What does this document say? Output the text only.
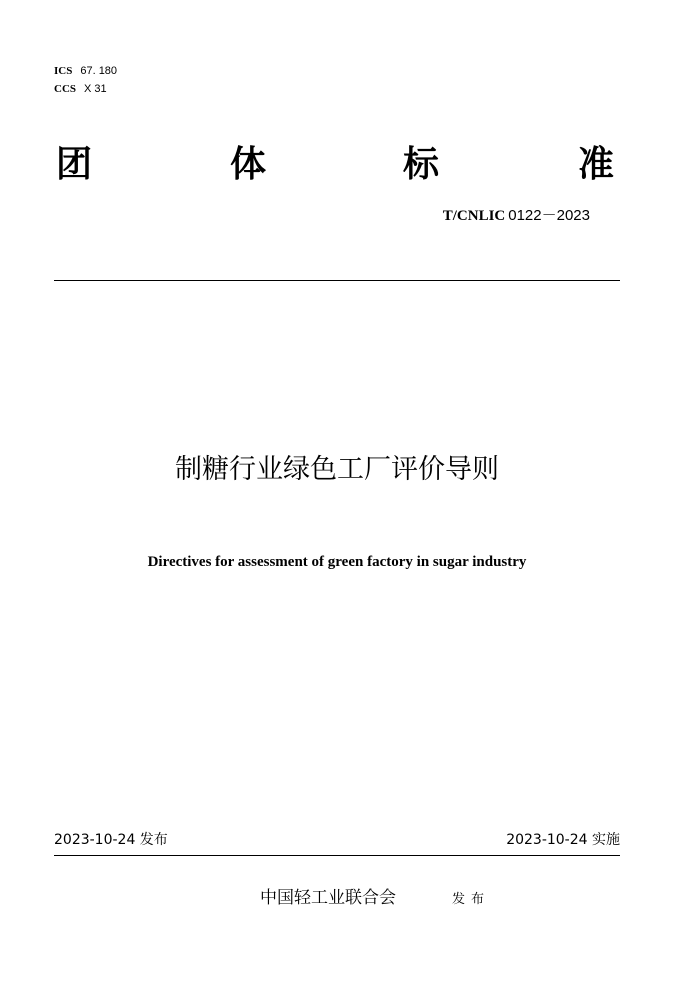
ICS 67. 180
CCS X 31
团	体	标	准
T/CNLIC 0122－2023
制糖行业绿色工厂评价导则
Directives for assessment of green factory in sugar industry
2023-10-24 发布	2023-10-24 实施
中国轻工业联合会	发布
